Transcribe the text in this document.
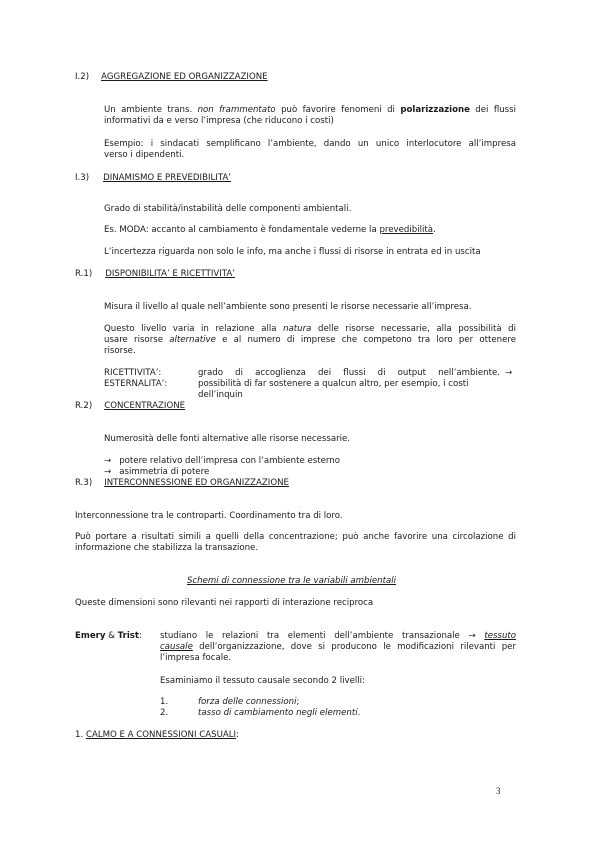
I.2) AGGREGAZIONE ED ORGANIZZAZIONE
Un ambiente trans. non frammentato può favorire fenomeni di polarizzazione dei flussi
informativi da e verso l’impresa (che riducono i costi)
Esempio: i sindacati semplificano l’ambiente, dando un unico interlocutore all’impresa
verso i dipendenti.
I.3) DINAMISMO E PREVEDIBILITA’
Grado di stabilità/instabilità delle componenti ambientali.
Es. MODA: accanto al cambiamento è fondamentale vederne la prevedibilità.
L’incertezza riguarda non solo le info, ma anche i flussi di risorse in entrata ed in uscita
R.1) DISPONIBILITA’ E RICETTIVITA’
Misura il livello al quale nell’ambiente sono presenti le risorse necessarie all’impresa.
Questo livello varia in relazione alla natura delle risorse necessarie, alla possibilità di
usare risorse alternative e al numero di imprese che competono tra loro per ottenere
risorse.
RICETTIVITA’:	grado di accoglienza dei flussi di output nell’ambiente. →
ESTERNALITA’:	possibilità di far sostenere a qualcun altro, per esempio, i costi
dell’inquin
R.2) CONCENTRAZIONE
Numerosità delle fonti alternative alle risorse necessarie.
→ potere relativo dell’impresa con l’ambiente esterno
→ asimmetria di potere
R.3) INTERCONNESSIONE ED ORGANIZZAZIONE
Interconnessione tra le controparti. Coordinamento tra di loro.
Può portare a risultati simili a quelli della concentrazione; può anche favorire una circolazione di
informazione che stabilizza la transazione.
Schemi di connessione tra le variabili ambientali
Queste dimensioni sono rilevanti nei rapporti di interazione reciproca
Emery & Trist: studiano le relazioni tra elementi dell’ambiente transazionale → tessuto
causale dell’organizzazione, dove si producono le modificazioni rilevanti per
l’impresa focale.
Esaminiamo il tessuto causale secondo 2 livelli:
1.	forza delle connessioni;
2.	tasso di cambiamento negli elementi.
1. CALMO E A CONNESSIONI CASUALI:
3
